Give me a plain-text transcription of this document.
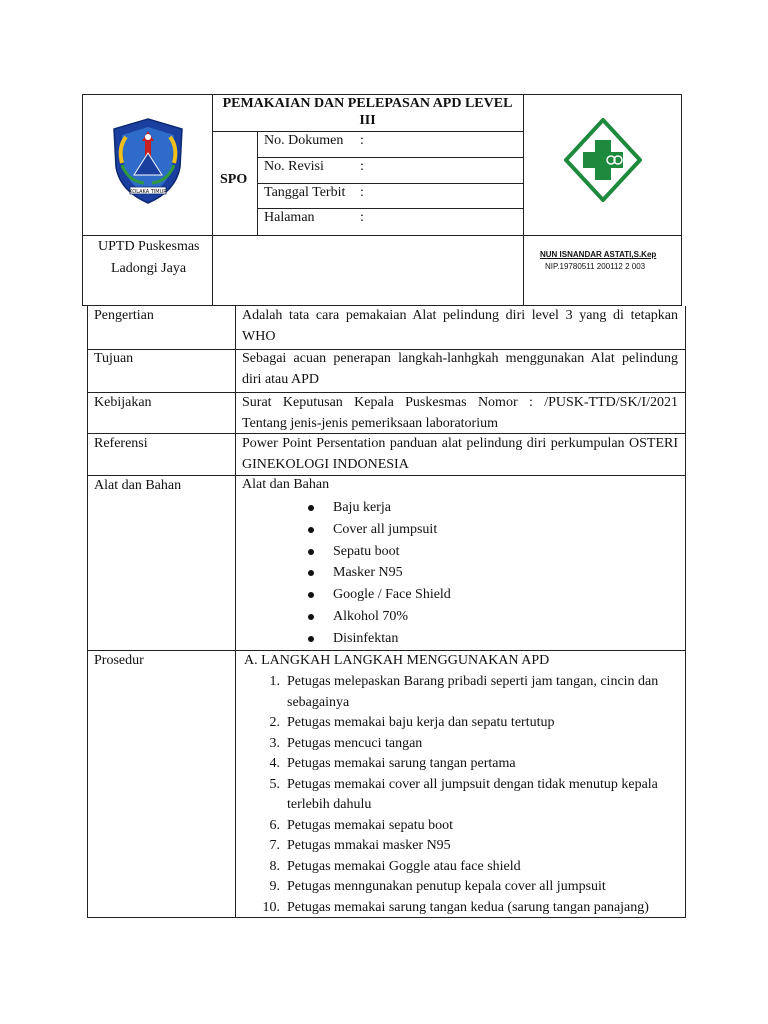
KOLAKA TIMUR
PEMAKAIAN DAN PELEPASAN APD LEVEL III
SPO
No. Dokumen :
No. Revisi	:
Tanggal Terbit :
Halaman	:
UPTD Puskesmas
Ladongi Jaya
NUN ISNANDAR ASTATI,S.Kep
NIP.19780511 200112 2 003
Pengertian
Tujuan
Kebijakan
Referensi
Alat dan Bahan
Prosedur
Adalah tata cara pemakaian Alat pelindung diri level 3 yang di tetapkan WHO
Sebagai acuan penerapan langkah-lanhgkah menggunakan Alat pelindung diri atau APD
Surat Keputusan Kepala Puskesmas Nomor : /PUSK-TTD/SK/I/2021 Tentang jenis-jenis pemeriksaan laboratorium
Power Point Persentation panduan alat pelindung diri perkumpulan OSTERI GINEKOLOGI INDONESIA
Alat dan Bahan
Baju kerja
Cover all jumpsuit
Sepatu boot
Masker N95
Google / Face Shield
Alkohol 70%
Disinfektan
A. LANGKAH LANGKAH MENGGUNAKAN APD
1. Petugas melepaskan Barang pribadi seperti jam tangan, cincin dan sebagainya
2. Petugas memakai baju kerja dan sepatu tertutup
3. Petugas mencuci tangan
4. Petugas memakai sarung tangan pertama
5. Petugas memakai cover all jumpsuit dengan tidak menutup kepala terlebih dahulu
6. Petugas memakai sepatu boot
7. Petugas mmakai masker N95
8. Petugas memakai Goggle atau face shield
9. Petugas menngunakan penutup kepala cover all jumpsuit
10. Petugas memakai sarung tangan kedua (sarung tangan panajang)
